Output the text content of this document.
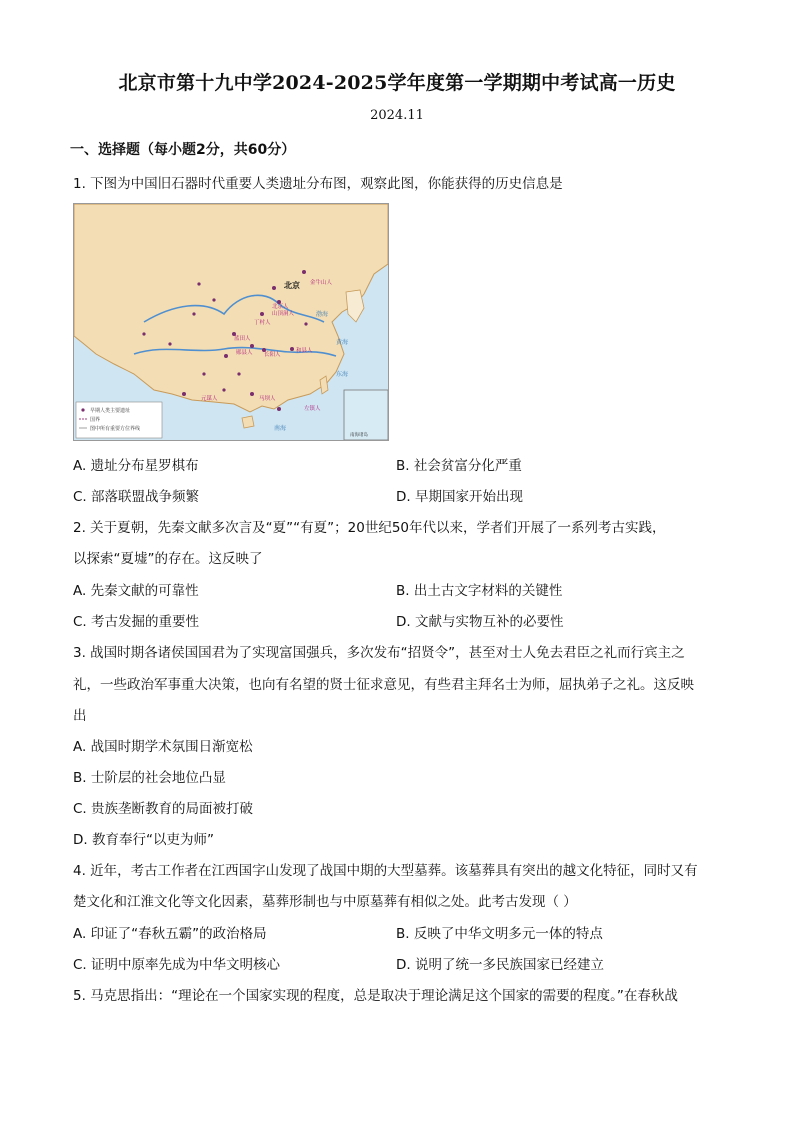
北京市第十九中学2024-2025学年度第一学期期中考试高一历史
2024.11
一、选择题（每小题2分，共60分）
1. 下图为中国旧石器时代重要人类遗址分布图，观察此图，你能获得的历史信息是
早期人类主要遗址
国界
图中所有重要方位界线
北京 金牛山人
北京人
山顶洞人
丁村人
蓝田人
郧县人	和县人
元谋人
长阳人
马坝人
左镇人
渤海
黄海
东海
南海
南海诸岛
A. 遗址分布星罗棋布	B. 社会贫富分化严重
C. 部落联盟战争频繁	D. 早期国家开始出现
2. 关于夏朝，先秦文献多次言及“夏”“有夏”；20世纪50年代以来，学者们开展了一系列考古实践，
以探索“夏墟”的存在。这反映了
A. 先秦文献的可靠性	B. 出土古文字材料的关键性
C. 考古发掘的重要性	D. 文献与实物互补的必要性
3. 战国时期各诸侯国国君为了实现富国强兵，多次发布“招贤令”，甚至对士人免去君臣之礼而行宾主之
礼，一些政治军事重大决策，也向有名望的贤士征求意见，有些君主拜名士为师，屈执弟子之礼。这反映
出
A. 战国时期学术氛围日渐宽松
B. 士阶层的社会地位凸显
C. 贵族垄断教育的局面被打破
D. 教育奉行“以吏为师”
4. 近年，考古工作者在江西国字山发现了战国中期的大型墓葬。该墓葬具有突出的越文化特征，同时又有
楚文化和江淮文化等文化因素，墓葬形制也与中原墓葬有相似之处。此考古发现（ ）
A. 印证了“春秋五霸”的政治格局	B. 反映了中华文明多元一体的特点
C. 证明中原率先成为中华文明核心	D. 说明了统一多民族国家已经建立
5. 马克思指出：“理论在一个国家实现的程度，总是取决于理论满足这个国家的需要的程度。”在春秋战
